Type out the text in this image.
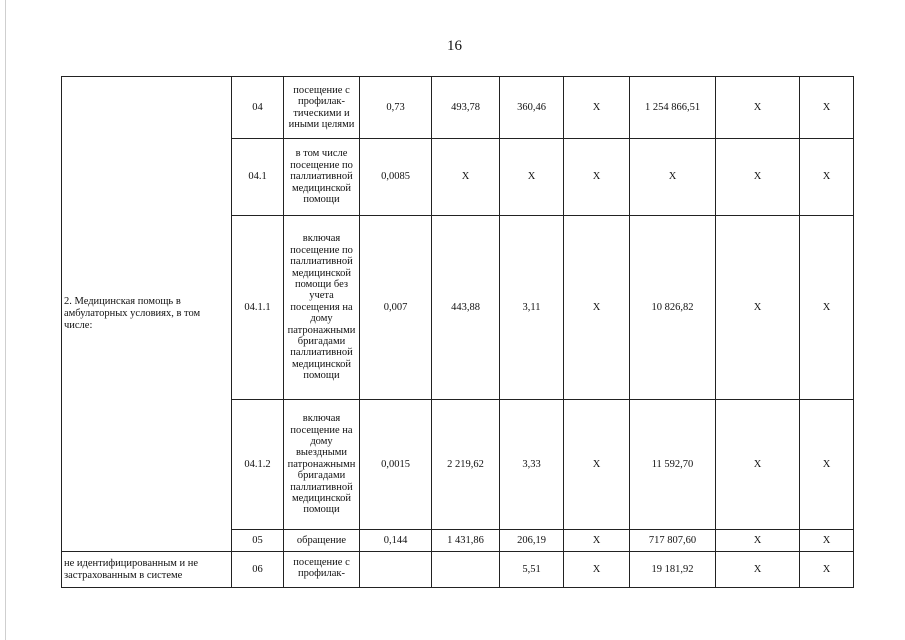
16
2. Медицинская помощь в амбулаторных условиях, в том числе:	04	посещение с профилак-тическими и иными целями	0,73	493,78	360,46	Х	1 254 866,51	Х	Х
	04.1	в том числе посещение по паллиативной медицинской помощи	0,0085	Х	Х	Х	Х	Х	Х
	04.1.1	включая посещение по паллиативной медицинской помощи без учета посещения на дому патронажными бригадами паллиативной медицинской помощи	0,007	443,88	3,11	Х	10 826,82	Х	Х
	04.1.2	включая посещение на дому выездными патронажнымн бригадами паллиативной медицинской помощи	0,0015	2 219,62	3,33	Х	11 592,70	Х	Х
	05	обращение	0,144	1 431,86	206,19	Х	717 807,60	Х	Х
не идентифицированным и не застрахованным в системе	06	посещение с профилак-			5,51	Х	19 181,92	Х	Х
